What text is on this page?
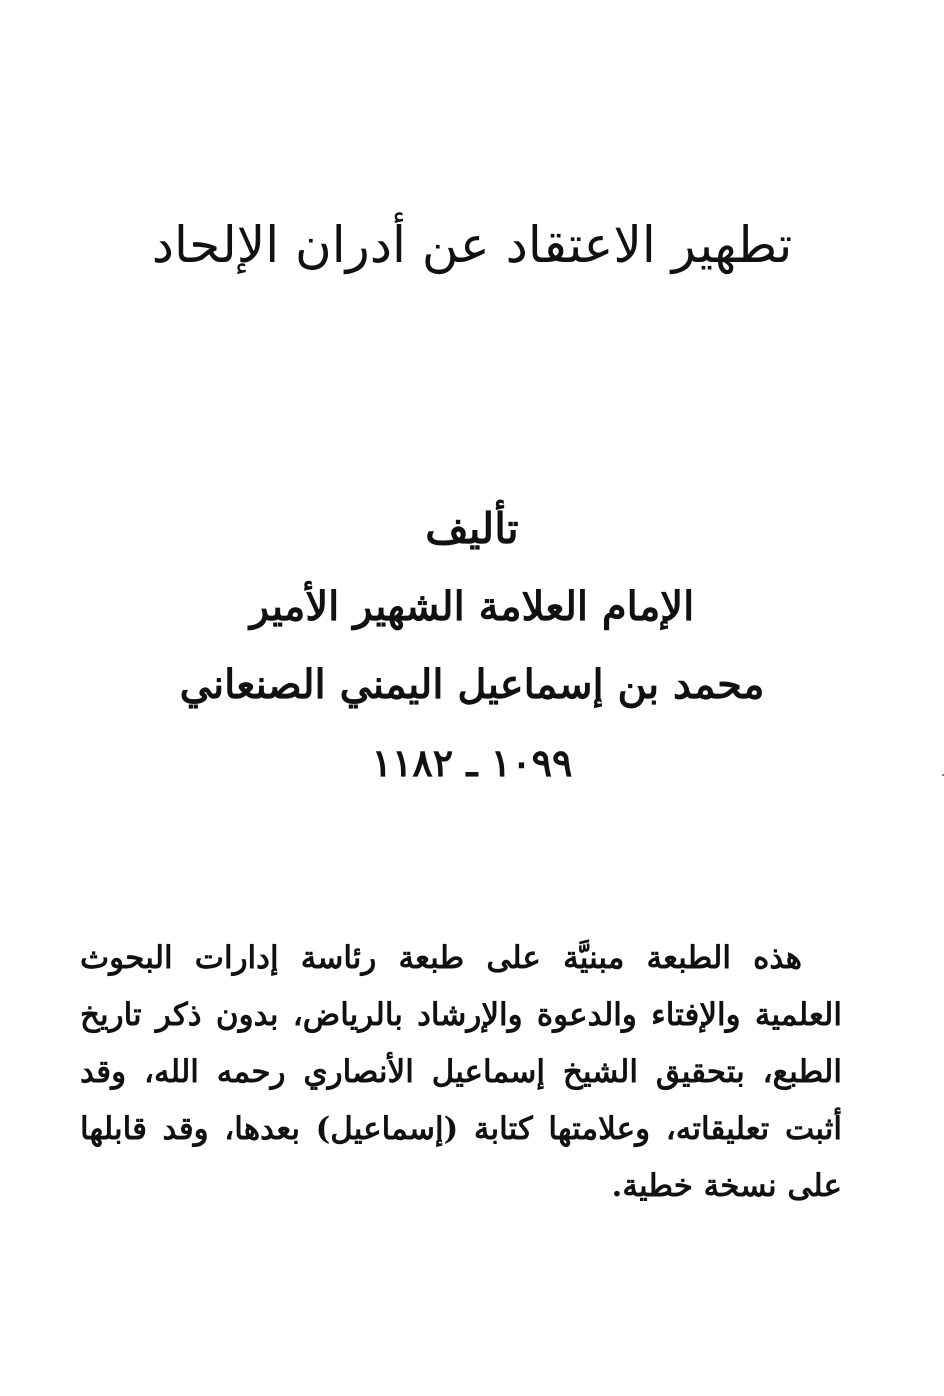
تطهير الاعتقاد عن أدران الإلحاد
تأليف
الإمام العلامة الشهير الأمير
محمد بن إسماعيل اليمني الصنعاني
١٠٩٩ ـ ١١٨٢

هذه الطبعة مبنيَّة على طبعة رئاسة إدارات البحوث العلمية والإفتاء والدعوة والإرشاد بالرياض، بدون ذكر تاريخ الطبع، بتحقيق الشيخ إسماعيل الأنصاري رحمه الله، وقد أثبت تعليقاته، وعلامتها كتابة (إسماعيل) بعدها، وقد قابلها على نسخة خطية.
